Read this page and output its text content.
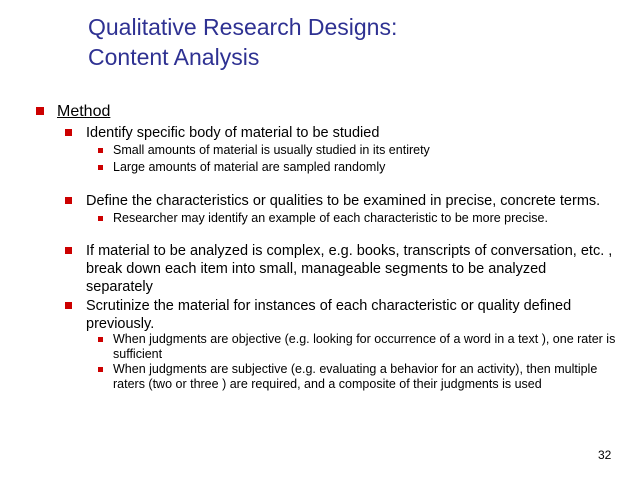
Qualitative Research Designs:
Content Analysis
Method
Identify specific body of material to be studied
Small amounts of material is usually studied in its entirety
Large amounts of material are sampled randomly
Define the characteristics or qualities to be examined in precise, concrete terms.
Researcher may identify an example of each characteristic to be more precise.
If material to be analyzed is complex, e.g. books, transcripts of conversation, etc. , break down each item into small, manageable segments to be analyzed separately
Scrutinize the material for instances of each characteristic or quality defined previously.
When judgments are objective (e.g. looking for occurrence of a word in a text ), one rater is sufficient
When judgments are subjective (e.g. evaluating a behavior for an activity), then multiple raters (two or three ) are required, and a composite of their judgments is used
32
